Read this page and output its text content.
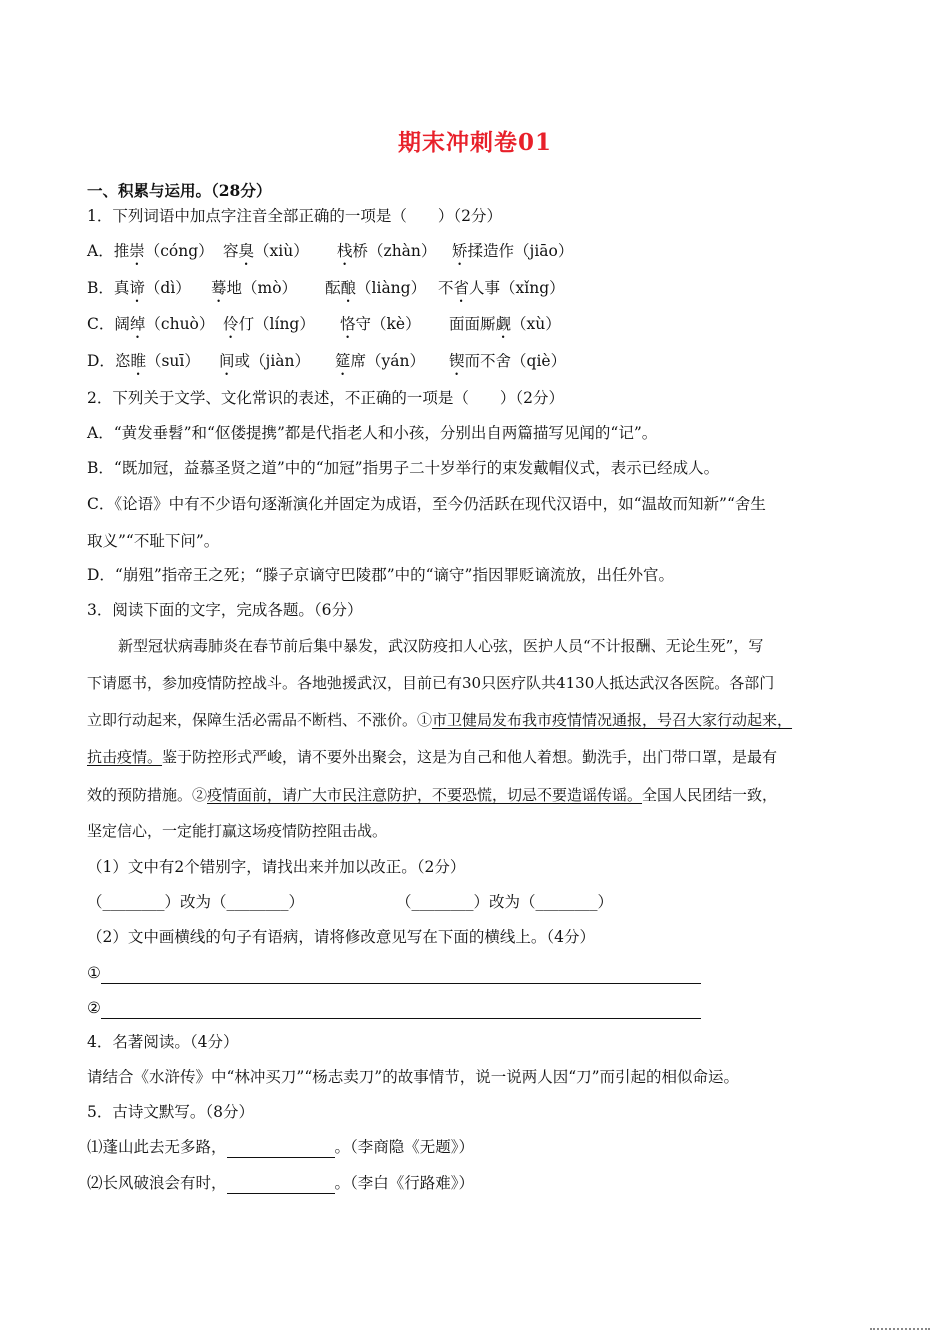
期末冲刺卷01
一、积累与运用。（28分）
1．下列词语中加点字注音全部正确的一项是（　　）（2分）
A．推崇（cóng） 容臭（xiù） 栈桥（zhàn） 矫揉造作（jiāo）
B．真谛（dì） 蓦地（mò） 酝酿（liàng） 不省人事（xǐng）
C．阔绰（chuò） 伶仃（líng） 恪守（kè） 面面厮觑（xù）
D．恣睢（suī） 间或（jiàn） 筵席（yán） 锲而不舍（qiè）
2．下列关于文学、文化常识的表述，不正确的一项是（　　）（2分）
A．“黄发垂髫”和“伛偻提携”都是代指老人和小孩，分别出自两篇描写见闻的“记”。
B．“既加冠，益慕圣贤之道”中的“加冠”指男子二十岁举行的束发戴帽仪式，表示已经成人。
C．《论语》中有不少语句逐渐演化并固定为成语，至今仍活跃在现代汉语中，如“温故而知新”“舍生
取义”“不耻下问”。
D．“崩殂”指帝王之死；“滕子京谪守巴陵郡”中的“谪守”指因罪贬谪流放，出任外官。
3．阅读下面的文字，完成各题。（6分）
新型冠状病毒肺炎在春节前后集中暴发，武汉防疫扣人心弦，医护人员“不计报酬、无论生死”，写
下请愿书，参加疫情防控战斗。各地弛援武汉，目前已有30只医疗队共4130人抵达武汉各医院。各部门
立即行动起来，保障生活必需品不断档、不涨价。①市卫健局发布我市疫情情况通报，号召大家行动起来，
抗击疫情。鉴于防控形式严峻，请不要外出聚会，这是为自己和他人着想。勤洗手，出门带口罩，是最有
效的预防措施。②疫情面前，请广大市民注意防护，不要恐慌，切忌不要造谣传谣。全国人民团结一致，
坚定信心，一定能打赢这场疫情防控阻击战。
（1）文中有2个错别字，请找出来并加以改正。（2分）
（________）改为（________）	（________）改为（________）
（2）文中画横线的句子有语病，请将修改意见写在下面的横线上。（4分）
①
②
4．名著阅读。（4分）
请结合《水浒传》中“林冲买刀”“杨志卖刀”的故事情节，说一说两人因“刀”而引起的相似命运。
5．古诗文默写。（8分）
⑴蓬山此去无多路，	。（李商隐《无题》）
⑵长风破浪会有时，	。（李白《行路难》）
